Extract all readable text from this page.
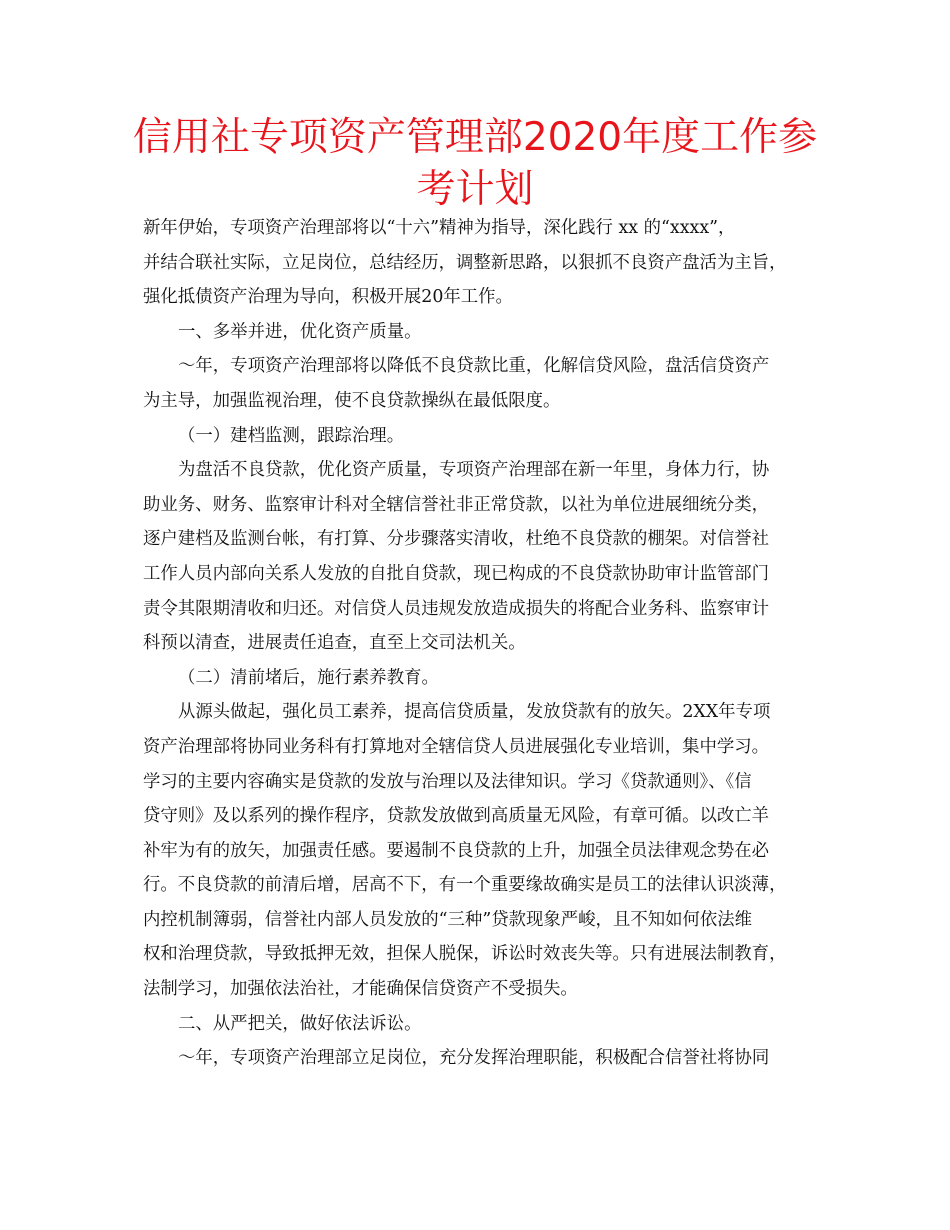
信用社专项资产管理部2020年度工作参考计划
新年伊始，专项资产治理部将以“十六”精神为指导，深化践行 xx 的“xxxx”，
并结合联社实际，立足岗位，总结经历，调整新思路，以狠抓不良资产盘活为主旨，
强化抵债资产治理为导向，积极开展20年工作。
一、多举并进，优化资产质量。
～年，专项资产治理部将以降低不良贷款比重，化解信贷风险，盘活信贷资产
为主导，加强监视治理，使不良贷款操纵在最低限度。
（一）建档监测，跟踪治理。
为盘活不良贷款，优化资产质量，专项资产治理部在新一年里，身体力行，协
助业务、财务、监察审计科对全辖信誉社非正常贷款，以社为单位进展细统分类，
逐户建档及监测台帐，有打算、分步骤落实清收，杜绝不良贷款的棚架。对信誉社
工作人员内部向关系人发放的自批自贷款，现已构成的不良贷款协助审计监管部门
责令其限期清收和归还。对信贷人员违规发放造成损失的将配合业务科、监察审计
科预以清查，进展责任追查，直至上交司法机关。
（二）清前堵后，施行素养教育。
从源头做起，强化员工素养，提高信贷质量，发放贷款有的放矢。2XX年专项
资产治理部将协同业务科有打算地对全辖信贷人员进展强化专业培训，集中学习。
学习的主要内容确实是贷款的发放与治理以及法律知识。学习《贷款通则》、《信
贷守则》及以系列的操作程序，贷款发放做到高质量无风险，有章可循。以改亡羊
补牢为有的放矢，加强责任感。要遏制不良贷款的上升，加强全员法律观念势在必
行。不良贷款的前清后增，居高不下，有一个重要缘故确实是员工的法律认识淡薄，
内控机制簿弱，信誉社内部人员发放的“三种”贷款现象严峻，且不知如何依法维
权和治理贷款，导致抵押无效，担保人脱保，诉讼时效丧失等。只有进展法制教育，
法制学习，加强依法治社，才能确保信贷资产不受损失。
二、从严把关，做好依法诉讼。
～年，专项资产治理部立足岗位，充分发挥治理职能，积极配合信誉社将协同
